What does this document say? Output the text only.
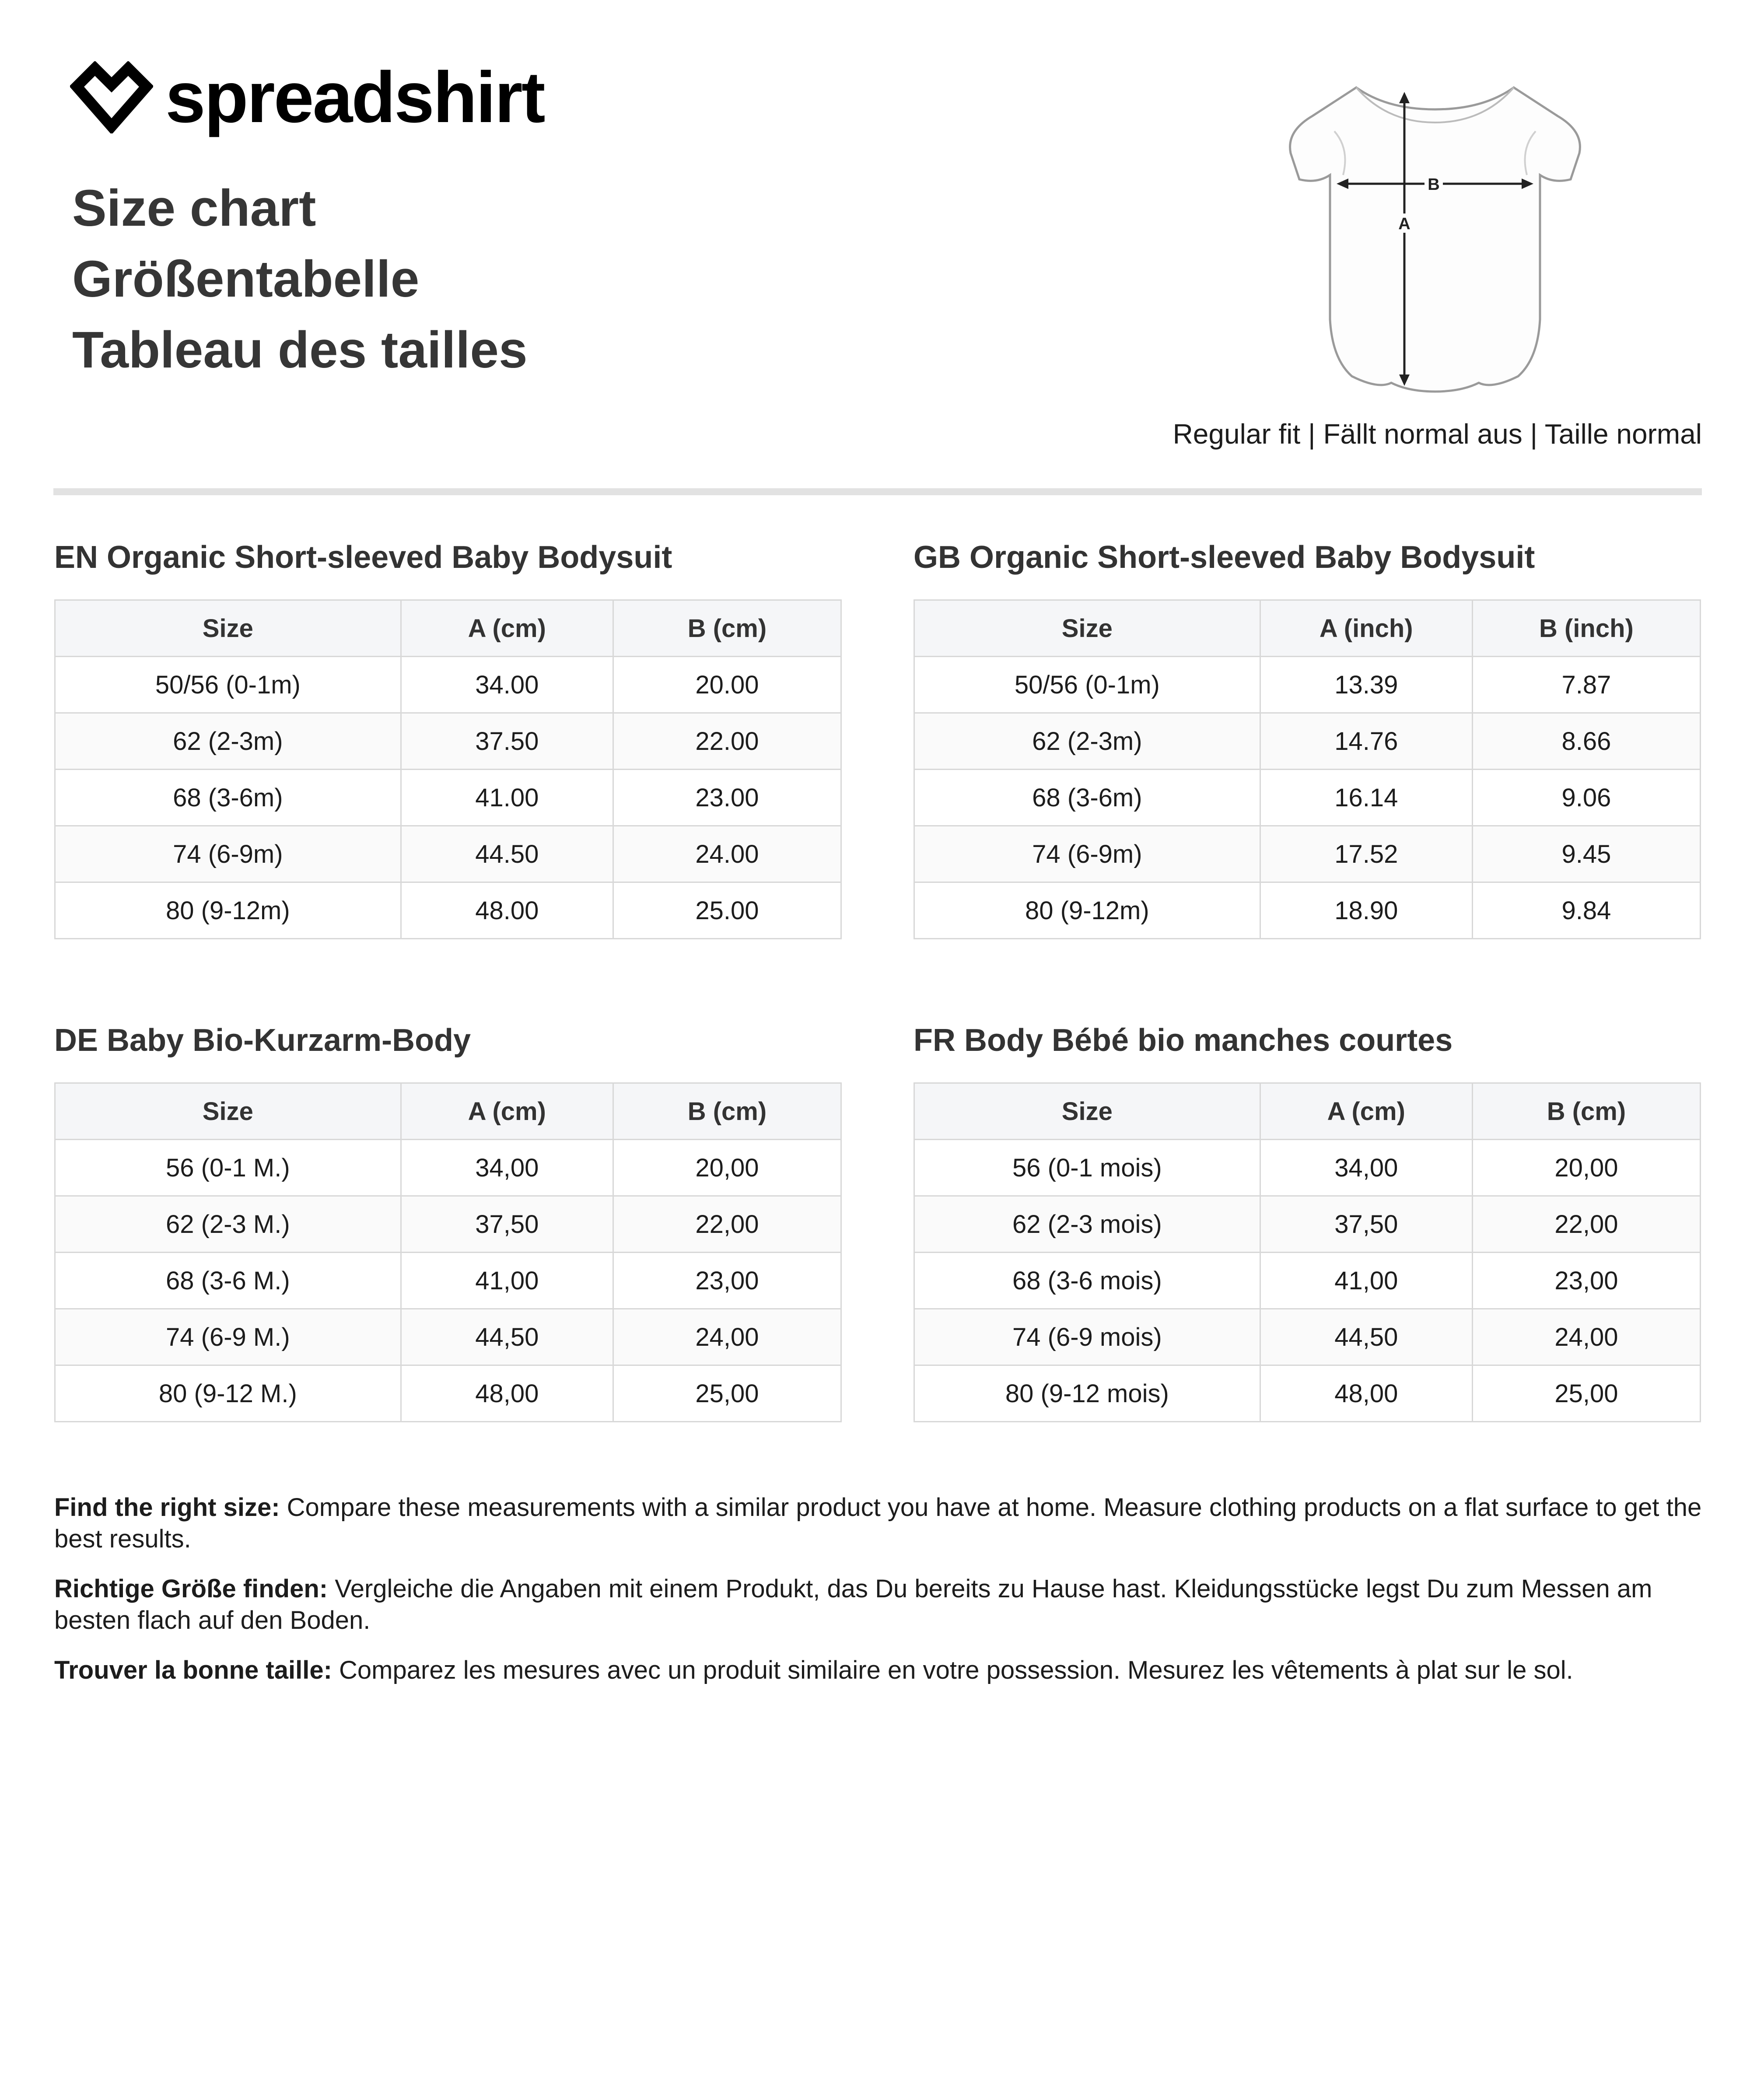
spreadshirt
Size chart
Größentabelle
Tableau des tailles
B
A
Regular fit | Fällt normal aus | Taille normal
EN Organic Short-sleeved Baby Bodysuit
Size	A (cm)	B (cm)
50/56 (0-1m)	34.00	20.00
62 (2-3m)	37.50	22.00
68 (3-6m)	41.00	23.00
74 (6-9m)	44.50	24.00
80 (9-12m)	48.00	25.00
GB Organic Short-sleeved Baby Bodysuit
Size	A (inch)	B (inch)
50/56 (0-1m)	13.39	7.87
62 (2-3m)	14.76	8.66
68 (3-6m)	16.14	9.06
74 (6-9m)	17.52	9.45
80 (9-12m)	18.90	9.84
DE Baby Bio-Kurzarm-Body
Size	A (cm)	B (cm)
56 (0-1 M.)	34,00	20,00
62 (2-3 M.)	37,50	22,00
68 (3-6 M.)	41,00	23,00
74 (6-9 M.)	44,50	24,00
80 (9-12 M.)	48,00	25,00
FR Body Bébé bio manches courtes
Size	A (cm)	B (cm)
56 (0-1 mois)	34,00	20,00
62 (2-3 mois)	37,50	22,00
68 (3-6 mois)	41,00	23,00
74 (6-9 mois)	44,50	24,00
80 (9-12 mois)	48,00	25,00

Find the right size: Compare these measurements with a similar product you have at home. Measure clothing products on a flat surface to get the best results.

Richtige Größe finden: Vergleiche die Angaben mit einem Produkt, das Du bereits zu Hause hast. Kleidungsstücke legst Du zum Messen am besten flach auf den Boden.

Trouver la bonne taille: Comparez les mesures avec un produit similaire en votre possession. Mesurez les vêtements à plat sur le sol.
